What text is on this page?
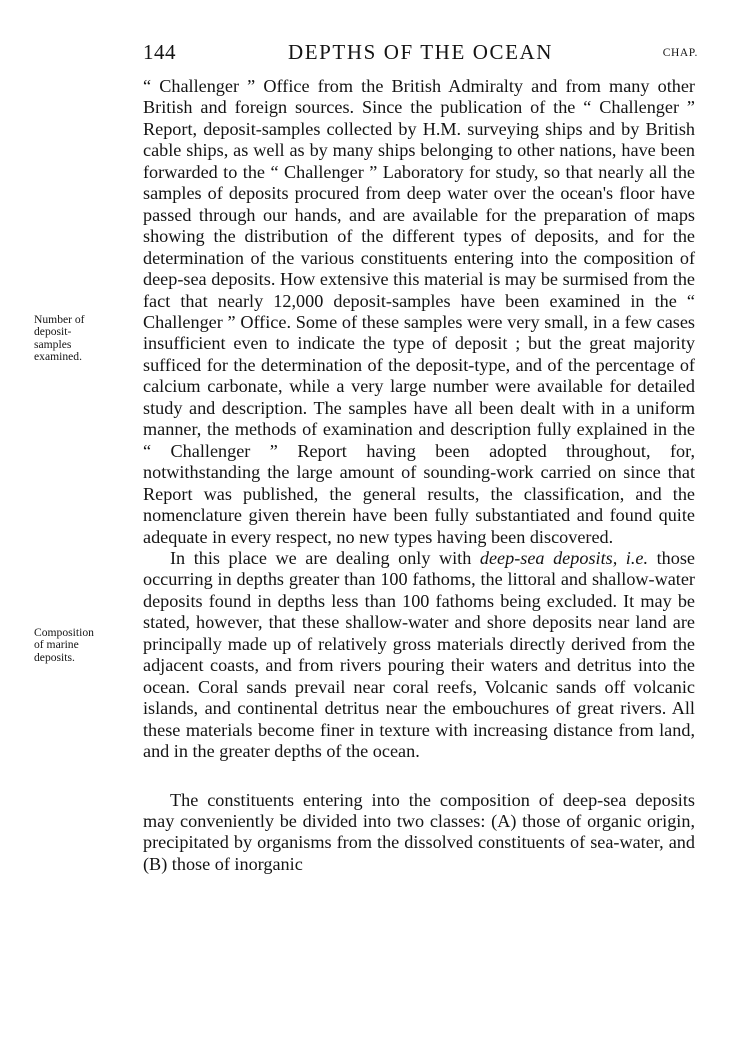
144	DEPTHS OF THE OCEAN	CHAP.
Number of
deposit-
samples
examined.
Composition
of marine
deposits.

“ Challenger ” Office from the British Admiralty and from many other British and foreign sources. Since the publication of the “ Challenger ” Report, deposit-samples collected by H.M. surveying ships and by British cable ships, as well as by many ships belonging to other nations, have been forwarded to the “ Challenger ” Laboratory for study, so that nearly all the samples of deposits procured from deep water over the ocean's floor have passed through our hands, and are available for the preparation of maps showing the distribution of the different types of deposits, and for the determination of the various constituents entering into the composition of deep-sea deposits. How extensive this material is may be surmised from the fact that nearly 12,000 deposit-samples have been examined in the “ Challenger ” Office. Some of these samples were very small, in a few cases insufficient even to indicate the type of deposit ; but the great majority sufficed for the determination of the deposit-type, and of the percentage of calcium carbonate, while a very large number were available for detailed study and description. The samples have all been dealt with in a uniform manner, the methods of examination and description fully explained in the “ Challenger ” Report having been adopted throughout, for, notwithstanding the large amount of sounding-work carried on since that Report was published, the general results, the classification, and the nomenclature given therein have been fully substantiated and found quite adequate in every respect, no new types having been discovered.

In this place we are dealing only with deep-sea deposits, i.e. those occurring in depths greater than 100 fathoms, the littoral and shallow-water deposits found in depths less than 100 fathoms being excluded. It may be stated, however, that these shallow-water and shore deposits near land are principally made up of relatively gross materials directly derived from the adjacent coasts, and from rivers pouring their waters and detritus into the ocean. Coral sands prevail near coral reefs, Volcanic sands off volcanic islands, and continental detritus near the embouchures of great rivers. All these materials become finer in texture with increasing distance from land, and in the greater depths of the ocean.

The constituents entering into the composition of deep-sea deposits may conveniently be divided into two classes: (A) those of organic origin, precipitated by organisms from the dissolved constituents of sea-water, and (B) those of inorganic
